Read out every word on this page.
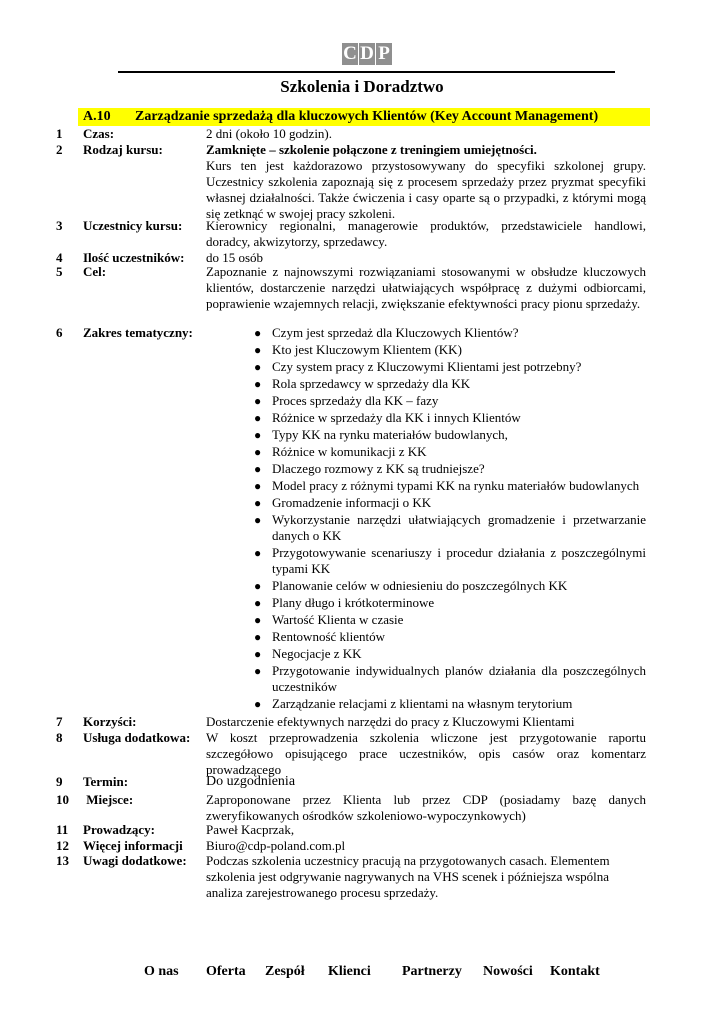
C D P
Szkolenia i Doradztwo
A.10 Zarządzanie sprzedażą dla kluczowych Klientów (Key Account Management)
1 Czas:	2 dni (około 10 godzin).
2 Rodzaj kursu:	Zamknięte – szkolenie połączone z treningiem umiejętności.
Kurs ten jest każdorazowo przystosowywany do specyfiki szkolonej grupy. Uczestnicy szkolenia zapoznają się z procesem sprzedaży przez pryzmat specyfiki własnej działalności. Także ćwiczenia i casy oparte są o przypadki, z którymi mogą się zetknąć w swojej pracy szkoleni.
3 Uczestnicy kursu: Kierownicy regionalni, managerowie produktów, przedstawiciele handlowi, doradcy, akwizytorzy, sprzedawcy.
4 Ilość uczestników: do 15 osób
5 Cel:	Zapoznanie z najnowszymi rozwiązaniami stosowanymi w obsłudze kluczowych klientów, dostarczenie narzędzi ułatwiających współpracę z dużymi odbiorcami, poprawienie wzajemnych relacji, zwiększanie efektywności pracy pionu sprzedaży.
6 Zakres tematyczny:	● Czym jest sprzedaż dla Kluczowych Klientów?
● Kto jest Kluczowym Klientem (KK)
● Czy system pracy z Kluczowymi Klientami jest potrzebny?
● Rola sprzedawcy w sprzedaży dla KK
● Proces sprzedaży dla KK – fazy
● Różnice w sprzedaży dla KK i innych Klientów
● Typy KK na rynku materiałów budowlanych,
● Różnice w komunikacji z KK
● Dlaczego rozmowy z KK są trudniejsze?
● Model pracy z różnymi typami KK na rynku materiałów budowlanych
● Gromadzenie informacji o KK
● Wykorzystanie narzędzi ułatwiających gromadzenie i przetwarzanie danych o KK
● Przygotowywanie scenariuszy i procedur działania z poszczególnymi typami KK
● Planowanie celów w odniesieniu do poszczególnych KK
● Plany długo i krótkoterminowe
● Wartość Klienta w czasie
● Rentowność klientów
● Negocjacje z KK
● Przygotowanie indywidualnych planów działania dla poszczególnych uczestników
● Zarządzanie relacjami z klientami na własnym terytorium
7 Korzyści:	Dostarczenie efektywnych narzędzi do pracy z Kluczowymi Klientami
8 Usługa dodatkowa: W koszt przeprowadzenia szkolenia wliczone jest przygotowanie raportu szczegółowo opisującego prace uczestników, opis casów oraz komentarz prowadzącego
9 Termin:	Do uzgodnienia
10 Miejsce:	Zaproponowane przez Klienta lub przez CDP (posiadamy bazę danych zweryfikowanych ośrodków szkoleniowo-wypoczynkowych)
11 Prowadzący:	Paweł Kacprzak,
12 Więcej informacji Biuro@cdp-poland.com.pl
13 Uwagi dodatkowe: Podczas szkolenia uczestnicy pracują na przygotowanych casach. Elementem szkolenia jest odgrywanie nagrywanych na VHS scenek i późniejsza wspólna analiza zarejestrowanego procesu sprzedaży.
O nas Oferta Zespół Klienci Partnerzy Nowości Kontakt
